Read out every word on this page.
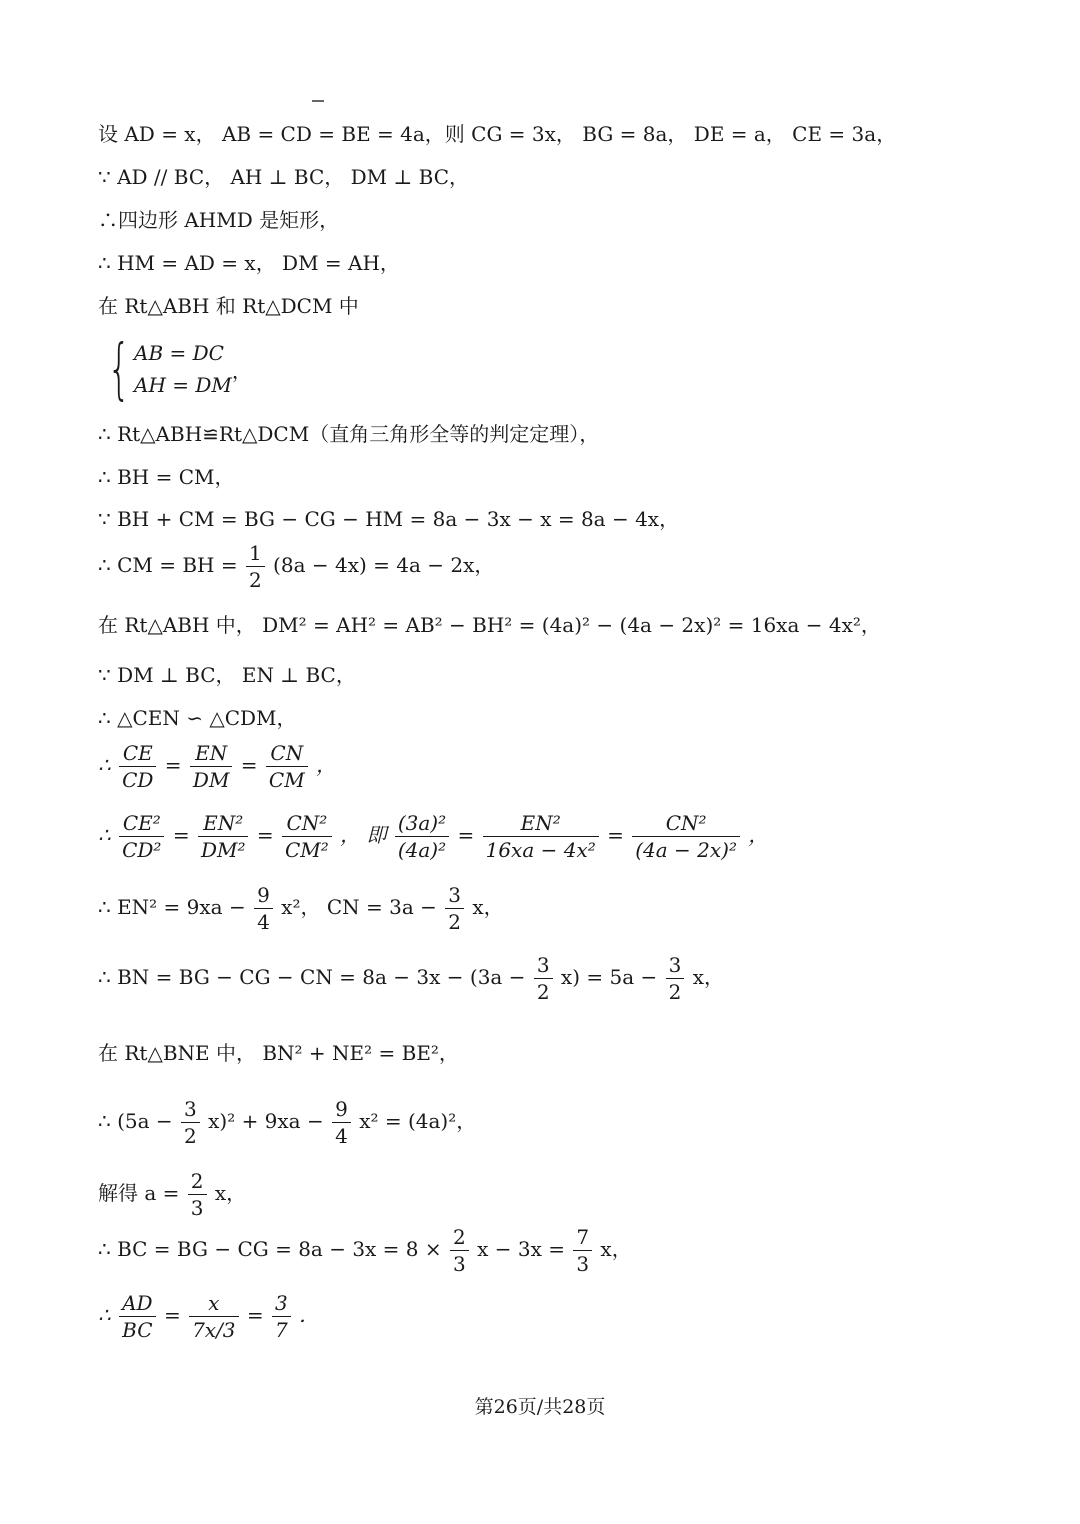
设 AD = x， AB = CD = BE = 4a，则 CG = 3x， BG = 8a， DE = a， CE = 3a，
∵ AD // BC， AH ⊥ BC， DM ⊥ BC，
∴四边形 AHMD 是矩形，
∴ HM = AD = x， DM = AH，
在 Rt△ABH 和 Rt△DCM 中
{ AB = DC
AH = DM
，
∴ Rt△ABH≌Rt△DCM（直角三角形全等的判定定理），
∴ BH = CM，
∵ BH + CM = BG − CG − HM = 8a − 3x − x = 8a − 4x，
∴ CM = BH = $\frac{1}{2} (8a - 4x) = 4a - 2x$，
在 Rt△ABH 中， DM² = AH² = AB² − BH² = (4a)² − (4a − 2x)² = 16xa − 4x²，
∵ DM ⊥ BC， EN ⊥ BC，
∴ △CEN ∽ △CDM，
∴ $\frac{CE}{CD} = \frac{EN}{DM} = \frac{CN}{CM}$ ，
∴ $\frac{\text{CE²}}{\text{CD²}} = \frac{\text{EN²}}{\text{DM²}} = \frac{\text{CN²}}{\text{CM²}}$ ， 即 $\frac{\text{(3a)²}}{\text{(4a)²}} = \frac{\text{EN²}}{\text{16xa − 4x²}} = \frac{\text{CN²}}{\text{(4a − 2x)²}}$ ，
∴ $EN^2 = 9xa - \frac{9}{4} x^2$， CN = $3a - \frac{3}{2}$ x，
∴ BN = BG − CG − CN = $8a - 3x - (3a - \frac{3}{2} x) = 5a - \frac{3}{2}$ x，
在 Rt△BNE 中， BN² + NE² = BE²，
∴ $(5a - \frac{3}{2} x)^2 + 9xa - \frac{9}{4} x^2 = (4a)^2$，
解得 $a = \frac{2}{3}$ x，
∴ BC = BG − CG = $8a - 3x = 8 \times \frac{2}{3}$ $x - 3x = \frac{7}{3}$ x，
∴ $\frac{AD}{BC} = \frac{x}{7x/3} = \frac{3}{7}$ ．
第26页/共28页
